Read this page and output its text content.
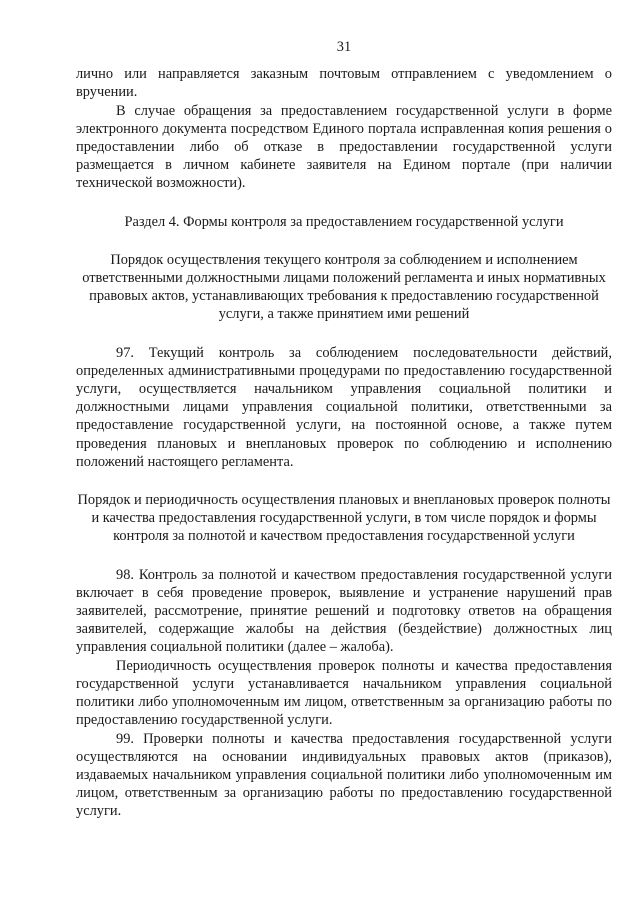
31

лично или направляется заказным почтовым отправлением с уведомлением о вручении.

В случае обращения за предоставлением государственной услуги в форме электронного документа посредством Единого портала исправленная копия решения о предоставлении либо об отказе в предоставлении государственной услуги размещается в личном кабинете заявителя на Едином портале (при наличии технической возможности).

Раздел 4. Формы контроля за предоставлением государственной услуги
Порядок осуществления текущего контроля за соблюдением и исполнением ответственными должностными лицами положений регламента и иных нормативных правовых актов, устанавливающих требования к предоставлению государственной услуги, а также принятием ими решений

97. Текущий контроль за соблюдением последовательности действий, определенных административными процедурами по предоставлению государственной услуги, осуществляется начальником управления социальной политики и должностными лицами управления социальной политики, ответственными за предоставление государственной услуги, на постоянной основе, а также путем проведения плановых и внеплановых проверок по соблюдению и исполнению положений настоящего регламента.

Порядок и периодичность осуществления плановых и внеплановых проверок полноты и качества предоставления государственной услуги, в том числе порядок и формы контроля за полнотой и качеством предоставления государственной услуги

98. Контроль за полнотой и качеством предоставления государственной услуги включает в себя проведение проверок, выявление и устранение нарушений прав заявителей, рассмотрение, принятие решений и подготовку ответов на обращения заявителей, содержащие жалобы на действия (бездействие) должностных лиц управления социальной политики (далее – жалоба).

Периодичность осуществления проверок полноты и качества предоставления государственной услуги устанавливается начальником управления социальной политики либо уполномоченным им лицом, ответственным за организацию работы по предоставлению государственной услуги.

99. Проверки полноты и качества предоставления государственной услуги осуществляются на основании индивидуальных правовых актов (приказов), издаваемых начальником управления социальной политики либо уполномоченным им лицом, ответственным за организацию работы по предоставлению государственной услуги.
